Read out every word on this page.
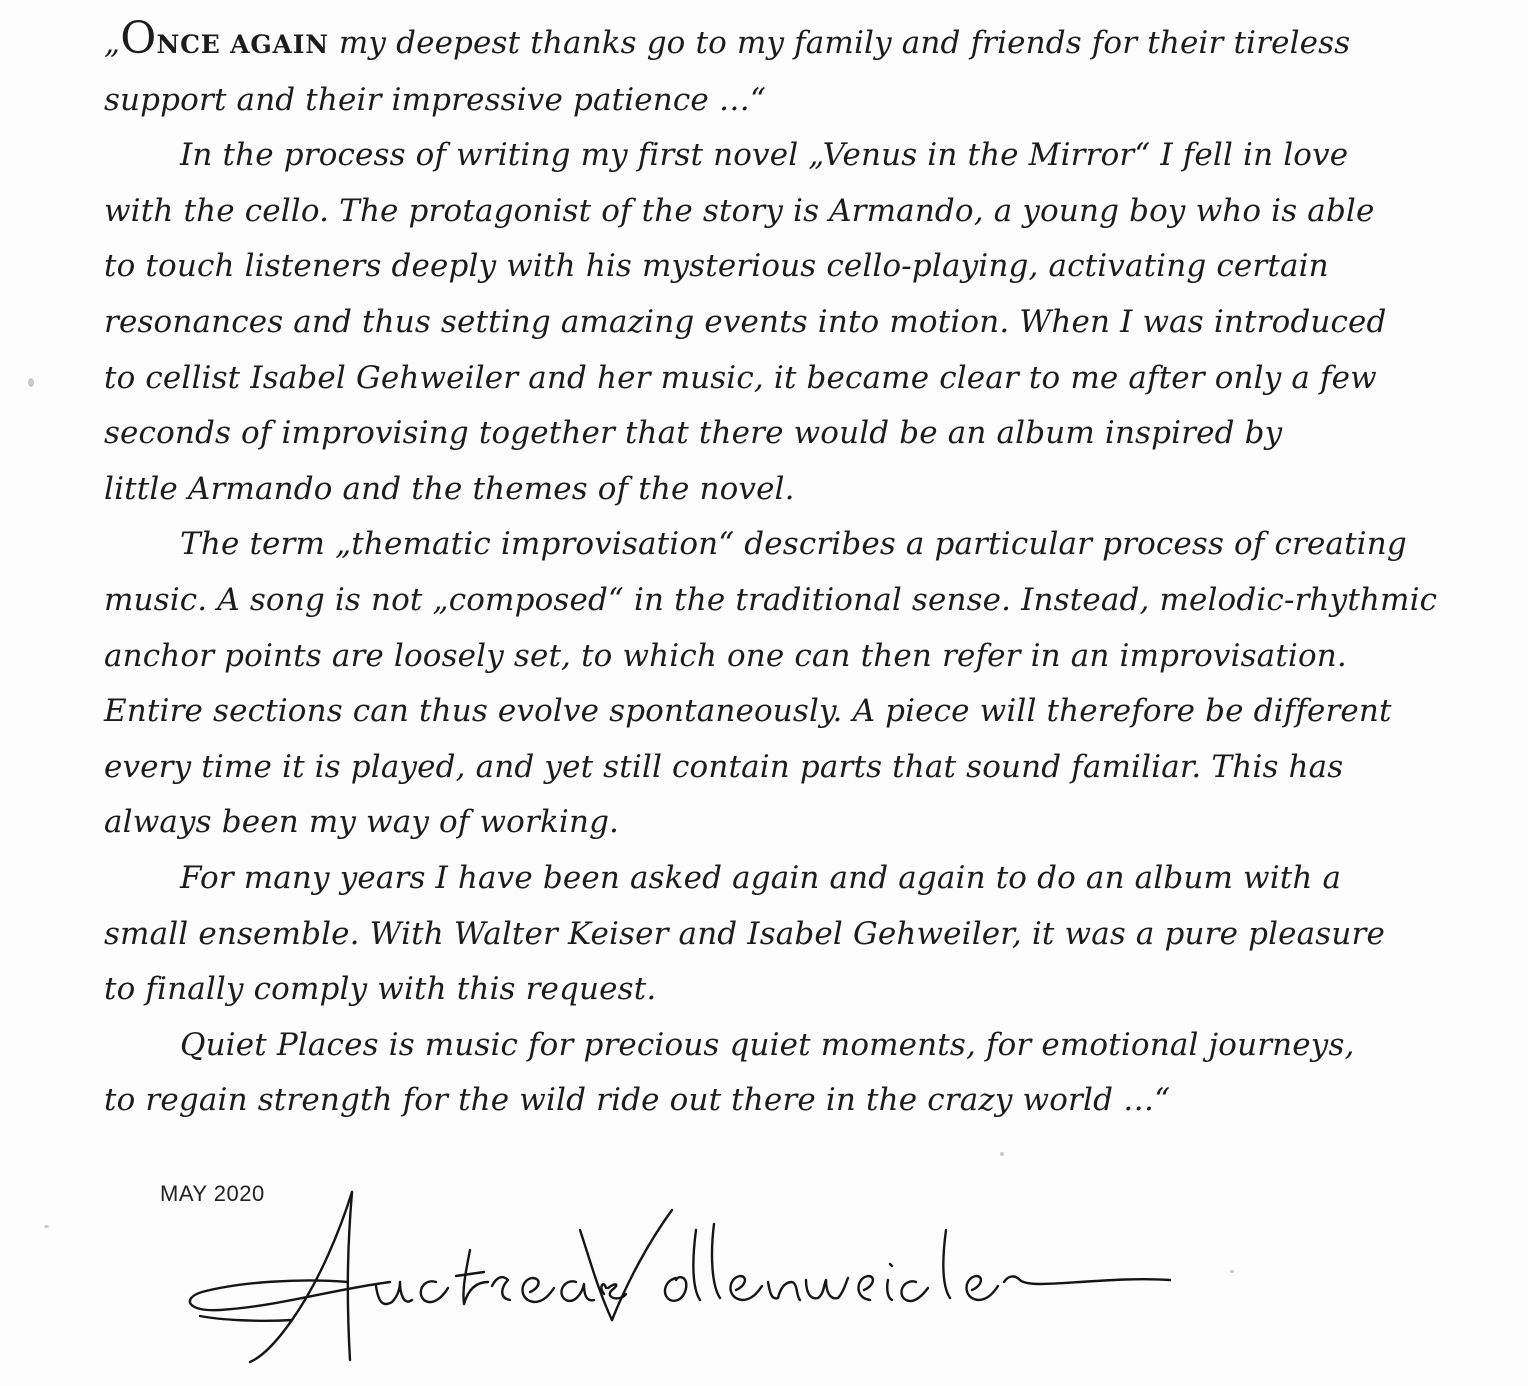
„ONCE AGAIN my deepest thanks go to my family and friends for their tireless
support and their impressive patience …“
In the process of writing my first novel „Venus in the Mirror“ I fell in love
with the cello. The protagonist of the story is Armando, a young boy who is able
to touch listeners deeply with his mysterious cello-playing, activating certain
resonances and thus setting amazing events into motion. When I was introduced
to cellist Isabel Gehweiler and her music, it became clear to me after only a few
seconds of improvising together that there would be an album inspired by
little Armando and the themes of the novel.
The term „thematic improvisation“ describes a particular process of creating
music. A song is not „composed“ in the traditional sense. Instead, melodic-rhythmic
anchor points are loosely set, to which one can then refer in an improvisation.
Entire sections can thus evolve spontaneously. A piece will therefore be different
every time it is played, and yet still contain parts that sound familiar. This has
always been my way of working.
For many years I have been asked again and again to do an album with a
small ensemble. With Walter Keiser and Isabel Gehweiler, it was a pure pleasure
to finally comply with this request.
Quiet Places is music for precious quiet moments, for emotional journeys,
to regain strength for the wild ride out there in the crazy world …“
MAY 2020
